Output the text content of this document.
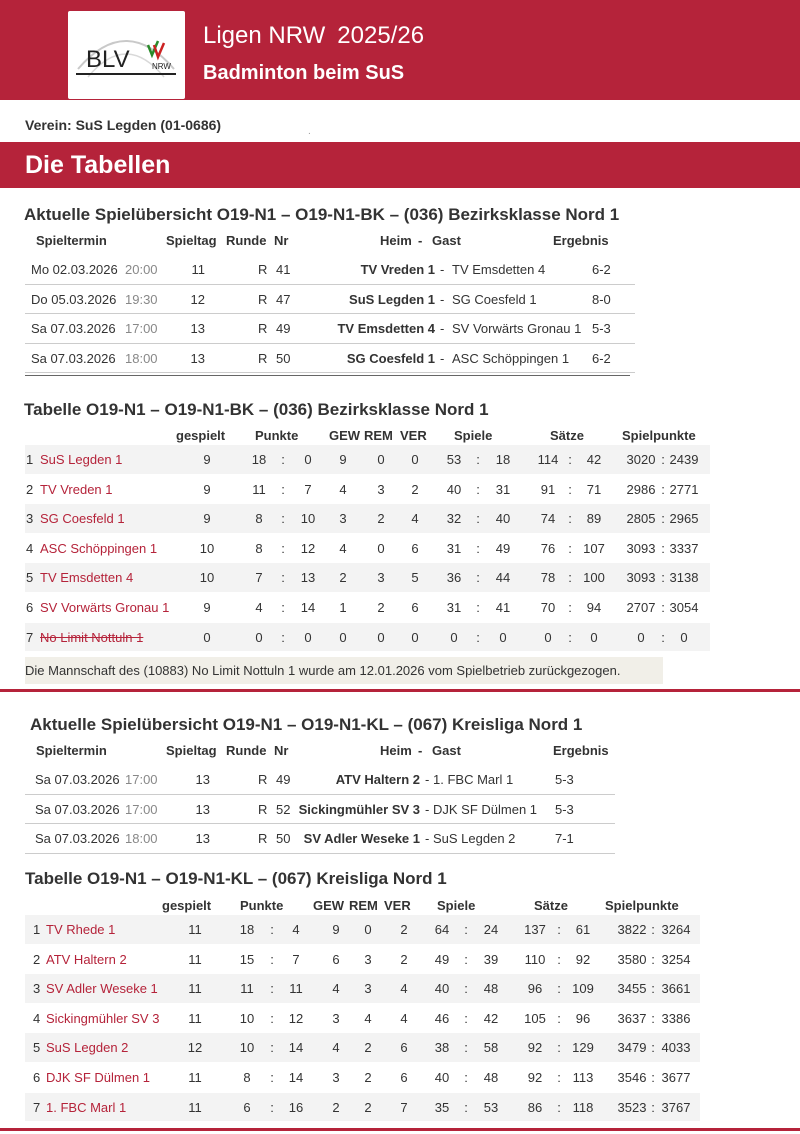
BLV	NRW
Ligen NRW 2025/26
Badminton beim SuS
Verein: SuS Legden (01-0686)	.
Die Tabellen
Aktuelle Spielübersicht O19-N1 – O19-N1-BK – (036) Bezirksklasse Nord 1
Spieltermin	Spieltag Runde Nr	Heim - Gast	Ergebnis
Mo 02.03.2026 20:00	11	R 41	TV Vreden 1 - TV Emsdetten 4	6-2
Do 05.03.2026 19:30	12	R 47	SuS Legden 1 - SG Coesfeld 1	8-0
Sa 07.03.2026 17:00	13	R 49	TV Emsdetten 4 - SV Vorwärts Gronau 1 5-3
Sa 07.03.2026 18:00	13	R 50	SG Coesfeld 1 - ASC Schöppingen 1 6-2
Tabelle O19-N1 – O19-N1-BK – (036) Bezirksklasse Nord 1
gespielt Punkte GEW REM VER Spiele	Sätze	Spielpunkte
1 SuS Legden 1	9	18	:	0	9	0	0	53	:	18	114 :	42	3020 : 2439
2 TV Vreden 1	9	11	:	7	4	3	2	40	:	31	91 :	71	2986 : 2771
3 SG Coesfeld 1	9	8	:	10	3	2	4	32	:	40	74 :	89	2805 : 2965
4 ASC Schöppingen 1	10	8	:	12	4	0	6	31	:	49	76 : 107	3093 : 3337
5 TV Emsdetten 4	10	7	:	13	2	3	5	36	:	44	78 : 100	3093 : 3138
6 SV Vorwärts Gronau 1	9	4	:	14	1	2	6	31	:	41	70 :	94	2707 : 3054
7 No Limit Nottuln 1	0	0	:	0	0	0	0	0	:	0	0	:	0	0	:	0
Die Mannschaft des (10883) No Limit Nottuln 1 wurde am 12.01.2026 vom Spielbetrieb zurückgezogen.
Aktuelle Spielübersicht O19-N1 – O19-N1-KL – (067) Kreisliga Nord 1
Spieltermin	Spieltag Runde Nr	Heim - Gast	Ergebnis
Sa 07.03.2026 17:00	13	R 49	ATV Haltern 2 - 1. FBC Marl 1	5-3
Sa 07.03.2026 17:00	13	R 52 Sickingmühler SV 3 - DJK SF Dülmen 1 5-3
Sa 07.03.2026 18:00	13	R 50	SV Adler Weseke 1 - SuS Legden 2	7-1
Tabelle O19-N1 – O19-N1-KL – (067) Kreisliga Nord 1
gespielt Punkte GEW REM VER Spiele	Sätze	Spielpunkte
1 TV Rhede 1	11	18	:	4	9	0	2	64	:	24	137 :	61	3822 : 3264
2 ATV Haltern 2	11	15	:	7	6	3	2	49	:	39	110 :	92	3580 : 3254
3 SV Adler Weseke 1	11	11	:	11	4	3	4	40	:	48	96	: 109	3455 : 3661
4 Sickingmühler SV 3	11	10	:	12	3	4	4	46	:	42	105 :	96	3637 : 3386
5 SuS Legden 2	12	10	:	14	4	2	6	38	:	58	92	: 129	3479 : 4033
6 DJK SF Dülmen 1	11	8	:	14	3	2	6	40	:	48	92	: 113	3546 : 3677
7 1. FBC Marl 1	11	6	:	16	2	2	7	35	:	53	86	: 118	3523 : 3767
